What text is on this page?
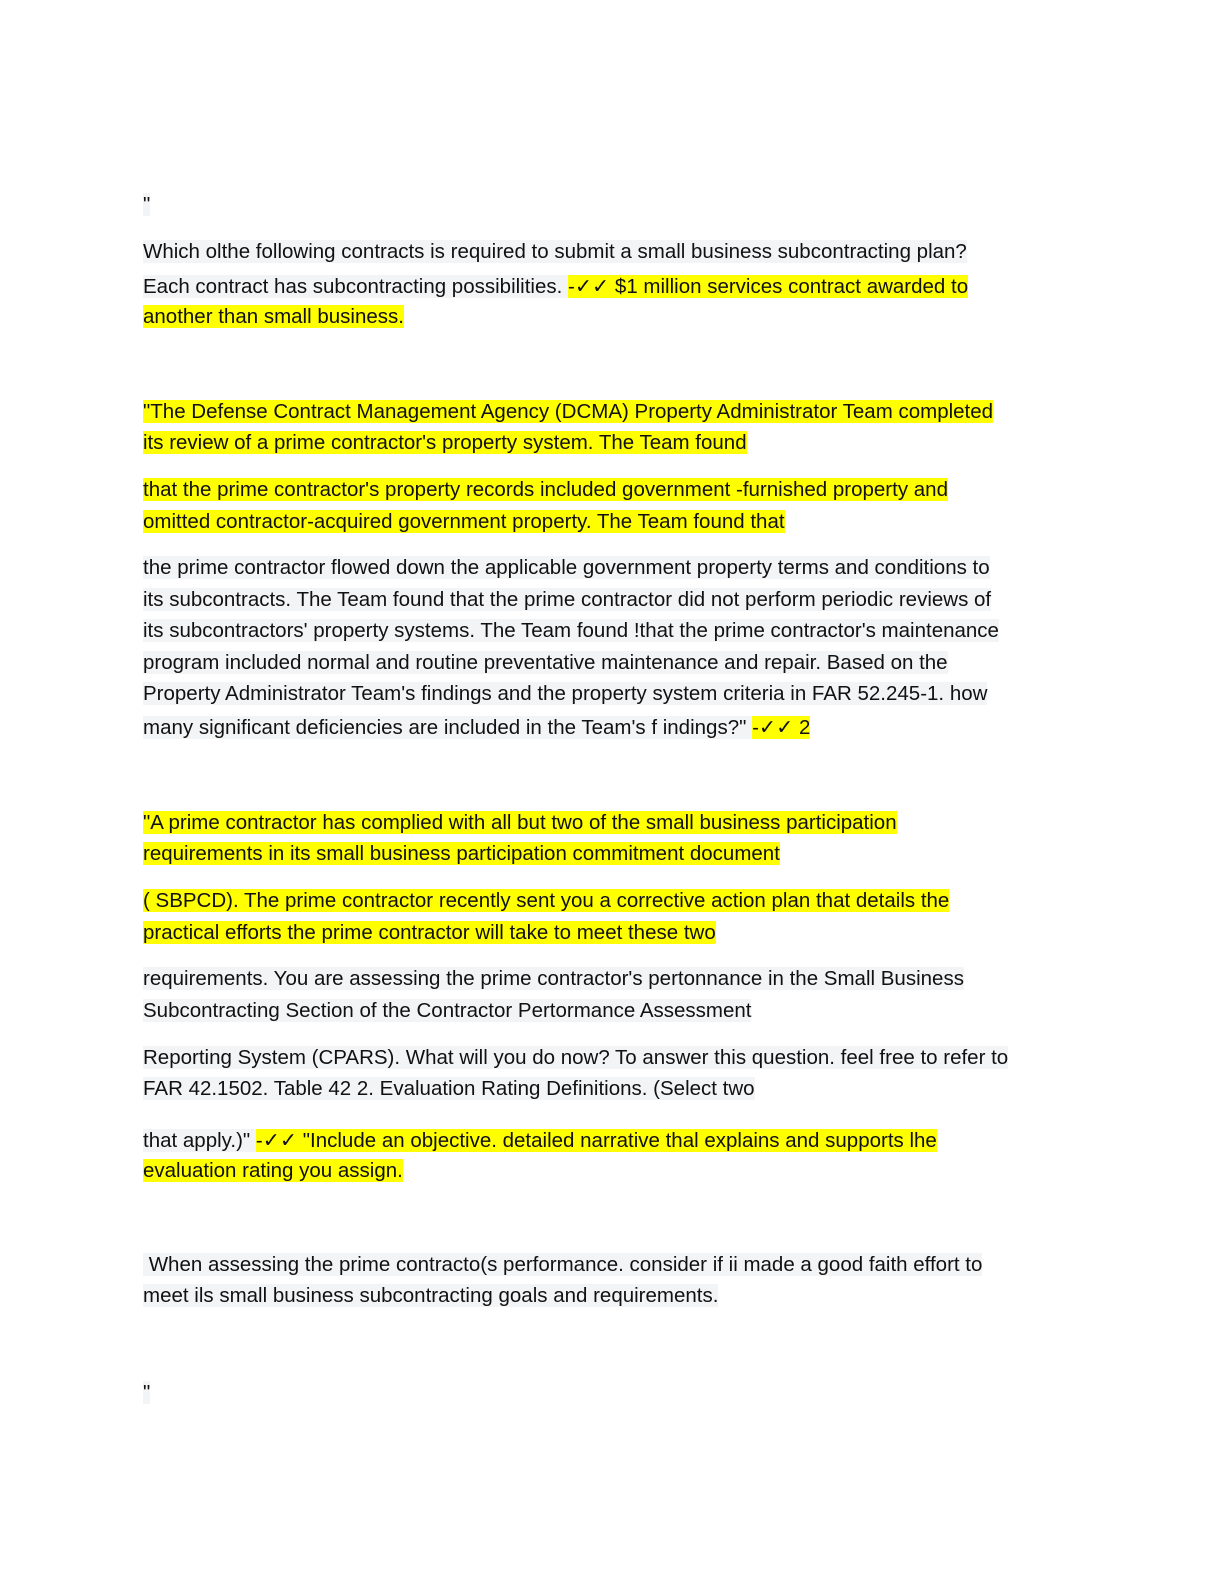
"
Which olthe following contracts is required to submit a small business subcontracting plan?
Each contract has subcontracting possibilities. -✓✓ $1 million services contract awarded to
another than small business.
"The Defense Contract Management Agency (DCMA) Property Administrator Team completed
its review of a prime contractor's property system. The Team found
that the prime contractor's property records included government -furnished property and
omitted contractor-acquired government property. The Team found that
the prime contractor flowed down the applicable government property terms and conditions to
its subcontracts. The Team found that the prime contractor did not perform periodic reviews of
its subcontractors' property systems. The Team found !that the prime contractor's maintenance
program included normal and routine preventative maintenance and repair. Based on the
Property Administrator Team's findings and the property system criteria in FAR 52.245-1. how
many significant deficiencies are included in the Team's f indings?" -✓✓ 2
"A prime contractor has complied with all but two of the small business participation
requirements in its small business participation commitment document
( SBPCD). The prime contractor recently sent you a corrective action plan that details the
practical efforts the prime contractor will take to meet these two
requirements. You are assessing the prime contractor's pertonnance in the Small Business
Subcontracting Section of the Contractor Pertormance Assessment
Reporting System (CPARS). What will you do now? To answer this question. feel free to refer to
FAR 42.1502. Table 42 2. Evaluation Rating Definitions. (Select two
that apply.)" -✓✓ "Include an objective. detailed narrative thal explains and supports lhe
evaluation rating you assign.
When assessing the prime contracto(s performance. consider if ii made a good faith effort to
meet ils small business subcontracting goals and requirements.
"
